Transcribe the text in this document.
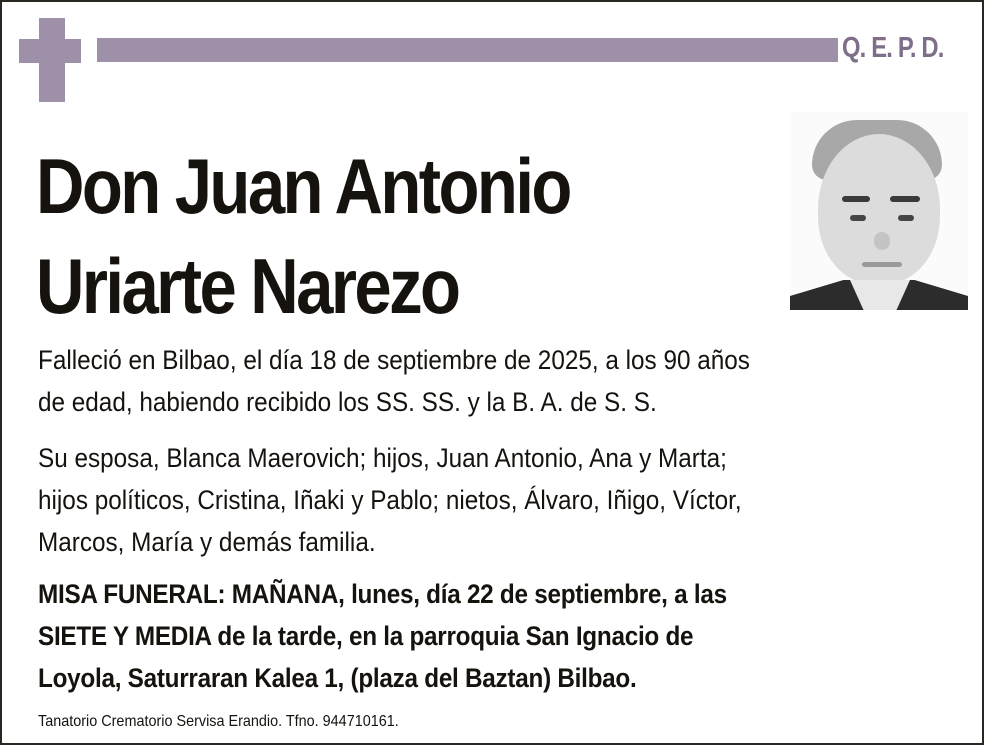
Q. E. P. D.
Don Juan Antonio
Uriarte Narezo
Falleció en Bilbao, el día 18 de septiembre de 2025, a los 90 años
de edad, habiendo recibido los SS. SS. y la B. A. de S. S.
Su esposa, Blanca Maerovich; hijos, Juan Antonio, Ana y Marta;
hijos políticos, Cristina, Iñaki y Pablo; nietos, Álvaro, Iñigo, Víctor,
Marcos, María y demás familia.
MISA FUNERAL: MAÑANA, lunes, día 22 de septiembre, a las
SIETE Y MEDIA de la tarde, en la parroquia San Ignacio de
Loyola, Saturraran Kalea 1, (plaza del Baztan) Bilbao.
Tanatorio Crematorio Servisa Erandio. Tfno. 944710161.
